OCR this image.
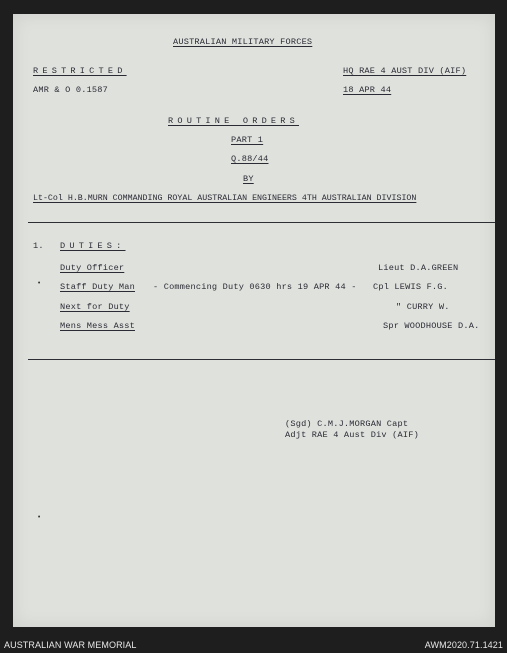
AUSTRALIAN MILITARY FORCES
RESTRICTED	HQ RAE 4 AUST DIV (AIF)
AMR & O 0.1587	18 APR 44
ROUTINE ORDERS
PART 1
Q.88/44
BY
Lt-Col H.B.MURN COMMANDING ROYAL AUSTRALIAN ENGINEERS 4TH AUSTRALIAN DIVISION
1. DUTIES:
Duty Officer	Lieut D.A.GREEN
• Staff Duty Man - Commencing Duty 0630 hrs 19 APR 44 - Cpl LEWIS F.G.
Next for Duty	" CURRY W.
Mens Mess Asst	Spr WOODHOUSE D.A.
(Sgd) C.M.J.MORGAN Capt
Adjt RAE 4 Aust Div (AIF)
•
AUSTRALIAN WAR MEMORIAL	AWM2020.71.1421
